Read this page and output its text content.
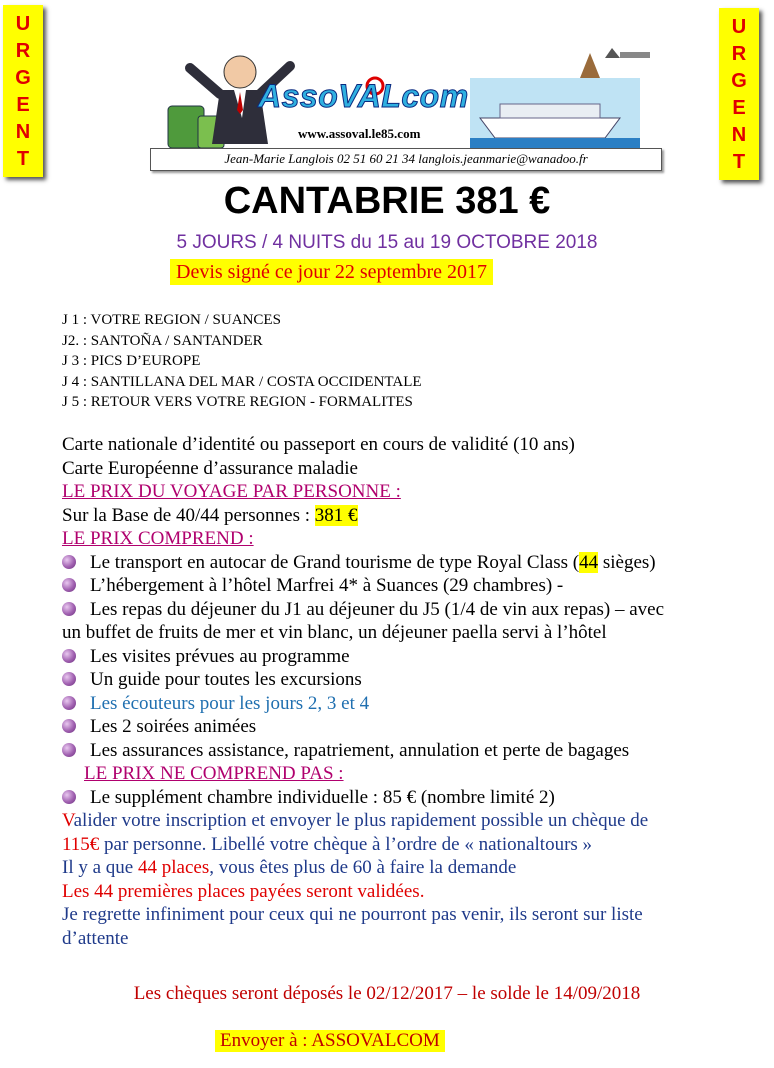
U
R
G
E
N
T
U
R
G
E
N
T
AssoVALcom
www.assoval.le85.com
Jean-Marie Langlois 02 51 60 21 34 langlois.jeanmarie@wanadoo.fr
CANTABRIE 381 €
5 JOURS / 4 NUITS du 15 au 19 OCTOBRE 2018
Devis signé ce jour 22 septembre 2017
J 1 : VOTRE REGION / SUANCES
J2. : SANTOÑA / SANTANDER
J 3 : PICS D’EUROPE
J 4 : SANTILLANA DEL MAR / COSTA OCCIDENTALE
J 5 : RETOUR VERS VOTRE REGION - FORMALITES
Carte nationale d’identité ou passeport en cours de validité (10 ans)
Carte Européenne d’assurance maladie
LE PRIX DU VOYAGE PAR PERSONNE :
Sur la Base de 40/44 personnes : 381 €
LE PRIX COMPREND :
Le transport en autocar de Grand tourisme de type Royal Class (44 sièges)
L’hébergement à l’hôtel Marfrei 4* à Suances (29 chambres) -
Les repas du déjeuner du J1 au déjeuner du J5 (1/4 de vin aux repas) – avec
un buffet de fruits de mer et vin blanc, un déjeuner paella servi à l’hôtel
Les visites prévues au programme
Un guide pour toutes les excursions
Les écouteurs pour les jours 2, 3 et 4
Les 2 soirées animées
Les assurances assistance, rapatriement, annulation et perte de bagages
LE PRIX NE COMPREND PAS :
Le supplément chambre individuelle : 85 € (nombre limité 2)
Valider votre inscription et envoyer le plus rapidement possible un chèque de
115€ par personne. Libellé votre chèque à l’ordre de « nationaltours »
Il y a que 44 places, vous êtes plus de 60 à faire la demande
Les 44 premières places payées seront validées.
Je regrette infiniment pour ceux qui ne pourront pas venir, ils seront sur liste
d’attente
Les chèques seront déposés le 02/12/2017 – le solde le 14/09/2018
Envoyer à : ASSOVALCOM
